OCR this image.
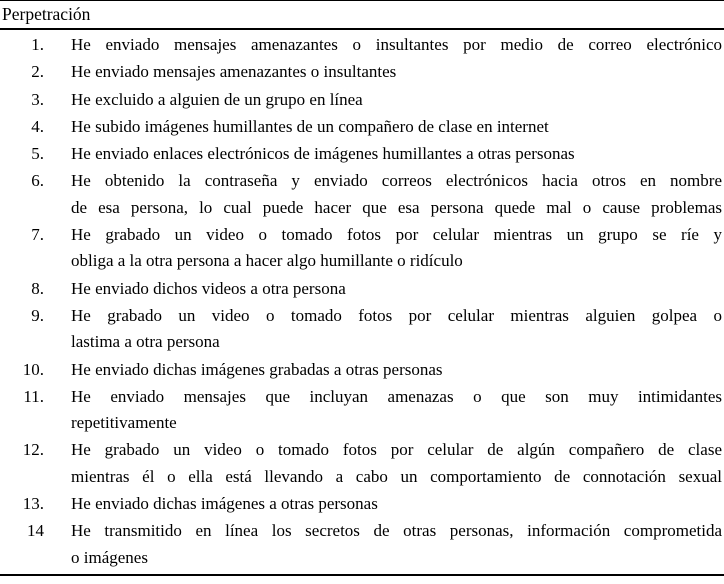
Perpetración
1. He enviado mensajes amenazantes o insultantes por medio de correo electrónico
2. He enviado mensajes amenazantes o insultantes
3. He excluido a alguien de un grupo en línea
4. He subido imágenes humillantes de un compañero de clase en internet
5. He enviado enlaces electrónicos de imágenes humillantes a otras personas
6. He obtenido la contraseña y enviado correos electrónicos hacia otros en nombre
de esa persona, lo cual puede hacer que esa persona quede mal o cause problemas
7. He grabado un video o tomado fotos por celular mientras un grupo se ríe y
obliga a la otra persona a hacer algo humillante o ridículo
8. He enviado dichos videos a otra persona
9. He grabado un video o tomado fotos por celular mientras alguien golpea o
lastima a otra persona
10. He enviado dichas imágenes grabadas a otras personas
11. He enviado mensajes que incluyan amenazas o que son muy intimidantes
repetitivamente
12. He grabado un video o tomado fotos por celular de algún compañero de clase
mientras él o ella está llevando a cabo un comportamiento de connotación sexual
13. He enviado dichas imágenes a otras personas
14 He transmitido en línea los secretos de otras personas, información comprometida
o imágenes
